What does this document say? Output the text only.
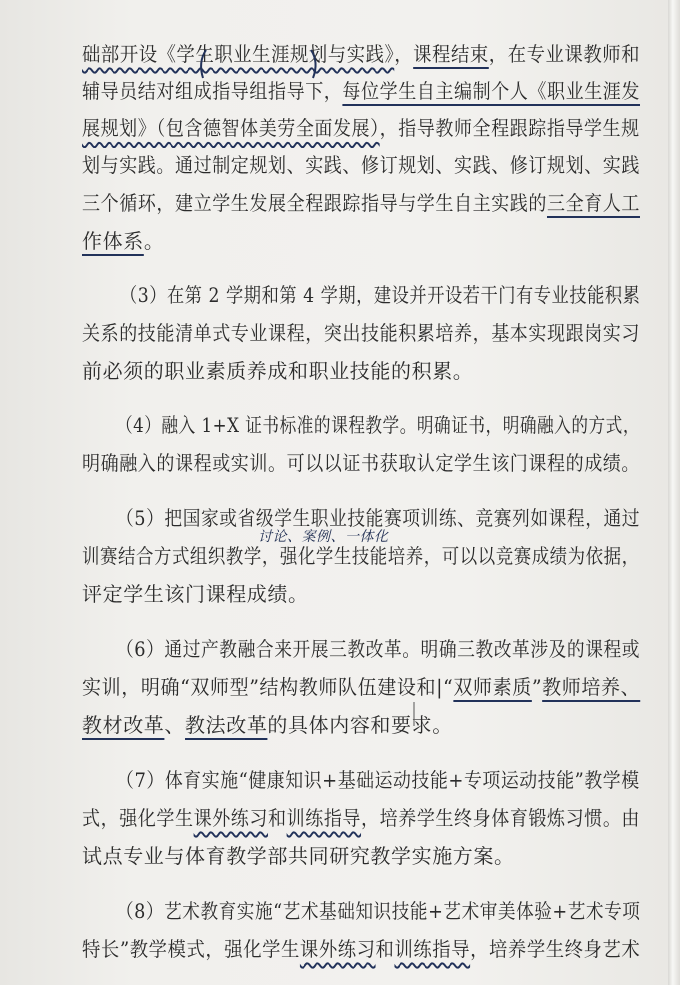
础部开设《学生职业生涯规划与实践》，课程结束，在专业课教师和
辅导员结对组成指导组指导下，每位学生自主编制个人《职业生涯发
展规划》（包含德智体美劳全面发展），指导教师全程跟踪指导学生规
划与实践。通过制定规划、实践、修订规划、实践、修订规划、实践
三个循环，建立学生发展全程跟踪指导与学生自主实践的三全育人工
作体系。
（3）在第 2 学期和第 4 学期，建设并开设若干门有专业技能积累
关系的技能清单式专业课程，突出技能积累培养，基本实现跟岗实习
前必须的职业素质养成和职业技能的积累。
（4）融入 1+X 证书标准的课程教学。明确证书，明确融入的方式，
明确融入的课程或实训。可以以证书获取认定学生该门课程的成绩。
（5）把国家或省级学生职业技能赛项训练、竞赛列如课程，通过
训赛结合方式组织教学，强化学生技能培养，可以以竞赛成绩为依据，
评定学生该门课程成绩。
（6）通过产教融合来开展三教改革。明确三教改革涉及的课程或
实训，明确“双师型”结构教师队伍建设和|“双师素质”教师培养、
教材改革、教法改革的具体内容和要求。
（7）体育实施“健康知识+基础运动技能+专项运动技能”教学模
式，强化学生课外练习和训练指导，培养学生终身体育锻炼习惯。由
试点专业与体育教学部共同研究教学实施方案。
（8）艺术教育实施“艺术基础知识技能+艺术审美体验+艺术专项
特长”教学模式，强化学生课外练习和训练指导，培养学生终身艺术
讨论、案例、一体化
